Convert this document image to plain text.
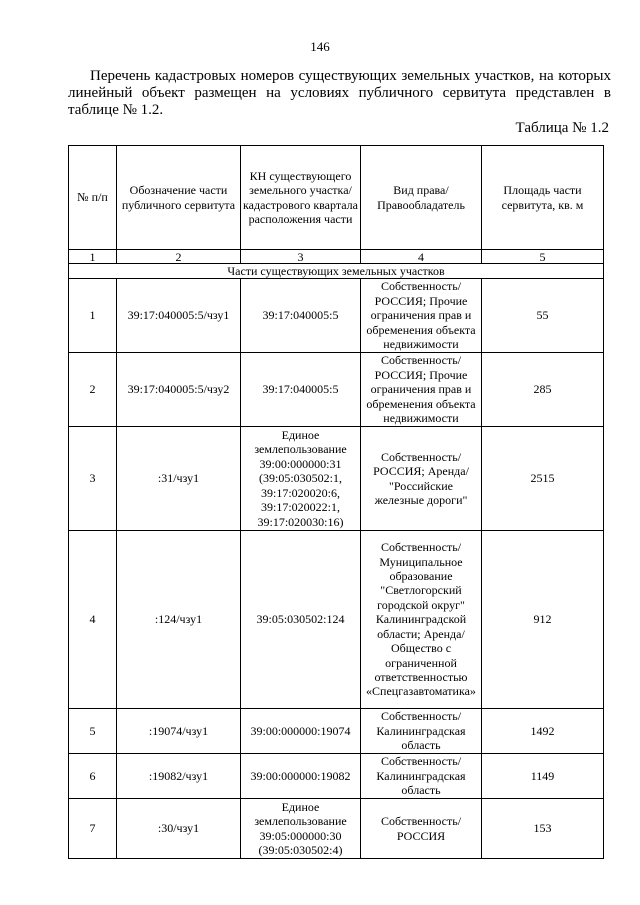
146

Перечень кадастровых номеров существующих земельных участков, на которых линейный объект размещен на условиях публичного сервитута представлен в таблице № 1.2.

Таблица № 1.2
№ п/п	Обозначение части публичного сервитута	КН существующего земельного участка/ кадастрового квартала расположения части	Вид права/ Правообладатель	Площадь части сервитута, кв. м
1	2	3	4	5
Части существующих земельных участков				
1	39:17:040005:5/чзу1	39:17:040005:5	Собственность/ РОССИЯ; Прочие ограничения прав и обременения объекта недвижимости	55
2	39:17:040005:5/чзу2	39:17:040005:5	Собственность/ РОССИЯ; Прочие ограничения прав и обременения объекта недвижимости	285
3	:31/чзу1	Единое землепользование 39:00:000000:31 (39:05:030502:1, 39:17:020020:6, 39:17:020022:1, 39:17:020030:16)	Собственность/ РОССИЯ; Аренда/ "Российские железные дороги"	2515
4	:124/чзу1	39:05:030502:124	Собственность/ Муниципальное образование "Светлогорский городской округ" Калининградской области; Аренда/ Общество с ограниченной ответственностью «Спецгазавтоматика»	912
5	:19074/чзу1	39:00:000000:19074	Собственность/ Калининградская область	1492
6	:19082/чзу1	39:00:000000:19082	Собственность/ Калининградская область	1149
7	:30/чзу1	Единое землепользование 39:05:000000:30 (39:05:030502:4)	Собственность/ РОССИЯ	153
